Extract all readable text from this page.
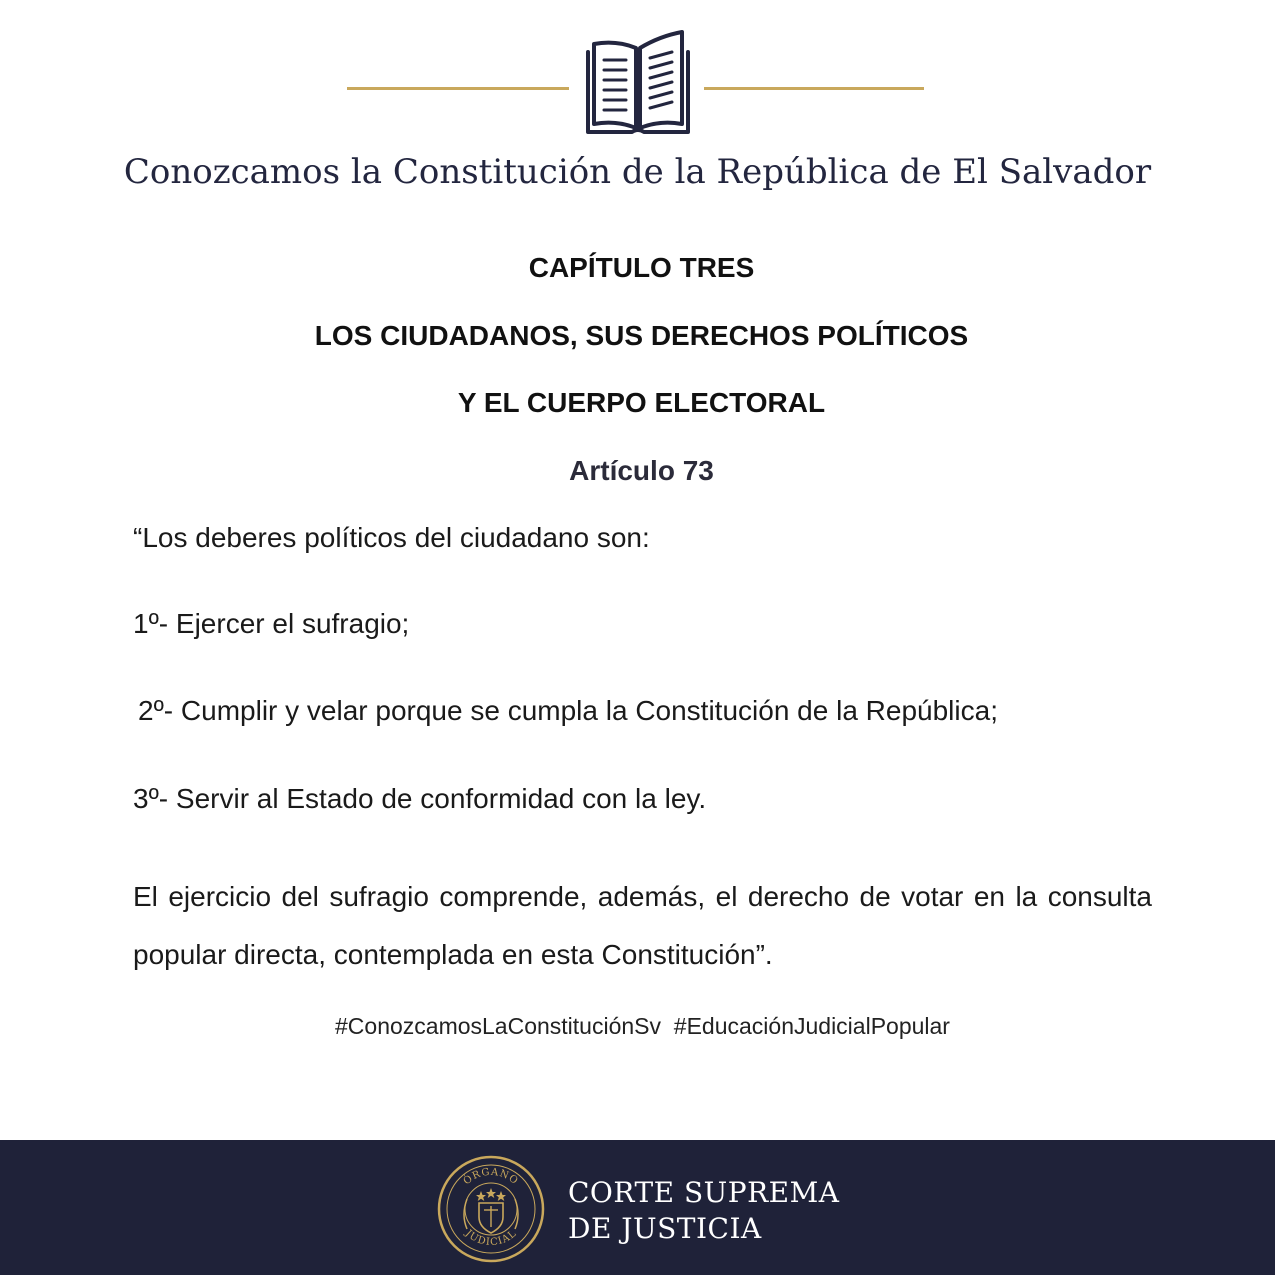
Conozcamos la Constitución de la República de El Salvador
CAPÍTULO TRES
LOS CIUDADANOS, SUS DERECHOS POLÍTICOS
Y EL CUERPO ELECTORAL
Artículo 73
“Los deberes políticos del ciudadano son:
1º- Ejercer el sufragio;
2º- Cumplir y velar porque se cumpla la Constitución de la República;
3º- Servir al Estado de conformidad con la ley.
El ejercicio del sufragio comprende, además, el derecho de votar en la consulta
popular directa, contemplada en esta Constitución”.
#ConozcamosLaConstituciónSv  #EducaciónJudicialPopular
ÓRGANO
JUDICIAL
CORTE SUPREMA
DE JUSTICIA
